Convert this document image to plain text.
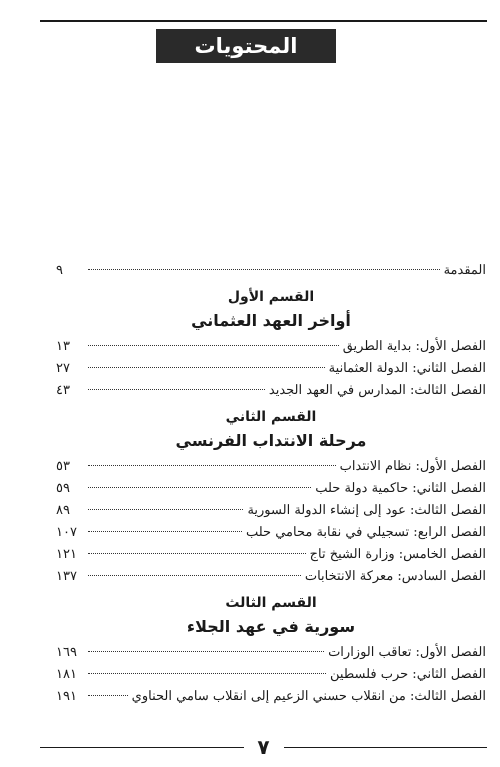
المحتويات
المقدمة
٩
القسم الأول
أواخر العهد العثماني
الفصل الأول: بداية الطريق
١٣
الفصل الثاني: الدولة العثمانية
٢٧
الفصل الثالث: المدارس في العهد الجديد
٤٣
القسم الثاني
مرحلة الانتداب الفرنسي
الفصل الأول: نظام الانتداب
٥٣
الفصل الثاني: حاكمية دولة حلب
٥٩
الفصل الثالث: عود إلى إنشاء الدولة السورية
٨٩
الفصل الرابع: تسجيلي في نقابة محامي حلب
١٠٧
الفصل الخامس: وزارة الشيخ تاج
١٢١
الفصل السادس: معركة الانتخابات
١٣٧
القسم الثالث
سورية في عهد الجلاء
الفصل الأول: تعاقب الوزارات
١٦٩
الفصل الثاني: حرب فلسطين
١٨١
الفصل الثالث: من انقلاب حسني الزعيم إلى انقلاب سامي الحناوي
١٩١
٧
